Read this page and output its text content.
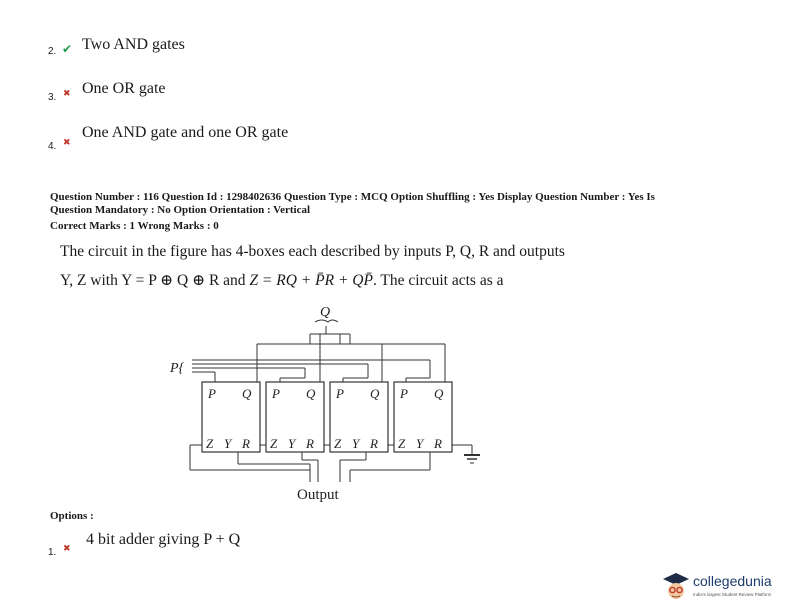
2. ✔ Two AND gates
3. ✖ One OR gate
4. ✖
One AND gate and one OR gate
Question Number : 116 Question Id : 1298402636 Question Type : MCQ Option Shuffling : Yes Display Question Number : Yes Is
Question Mandatory : No Option Orientation : Vertical
Correct Marks : 1 Wrong Marks : 0
The circuit in the figure has 4-boxes each described by inputs P, Q, R and outputs
Y, Z with Y = P ⊕ Q ⊕ R and Z = RQ + P̄R + QP̄. The circuit acts as a
Q
P{
P Q P Q P Q P Q
Z Y R Z Y R Z Y R Z Y R
Output
Options :
1. ✖
4 bit adder giving P + Q
collegedunia
India's largest Student Review Platform
